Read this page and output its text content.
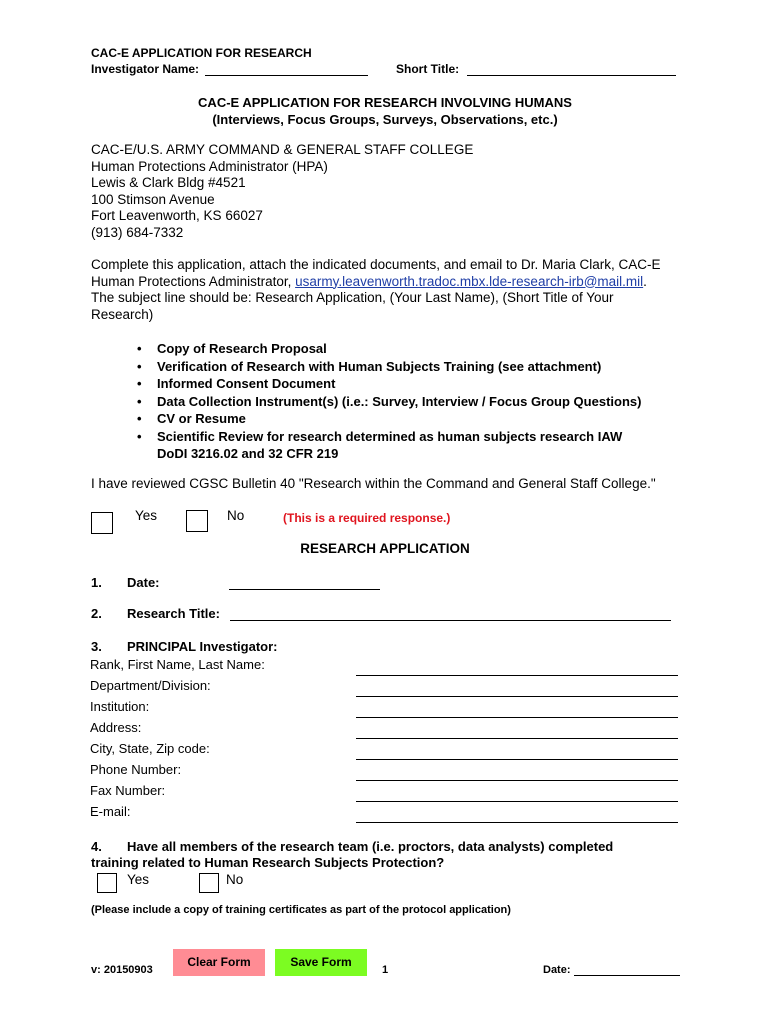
CAC-E APPLICATION FOR RESEARCH
Investigator Name:	Short Title:
CAC-E APPLICATION FOR RESEARCH INVOLVING HUMANS
(Interviews, Focus Groups, Surveys, Observations, etc.)
CAC-E/U.S. ARMY COMMAND & GENERAL STAFF COLLEGE
Human Protections Administrator (HPA)
Lewis & Clark Bldg #4521
100 Stimson Avenue
Fort Leavenworth, KS 66027
(913) 684-7332
Complete this application, attach the indicated documents, and email to Dr. Maria Clark, CAC-E
Human Protections Administrator, usarmy.leavenworth.tradoc.mbx.lde-research-irb@mail.mil.
The subject line should be: Research Application, (Your Last Name), (Short Title of Your
Research)
• Copy of Research Proposal
• Verification of Research with Human Subjects Training (see attachment)
• Informed Consent Document
• Data Collection Instrument(s) (i.e.: Survey, Interview / Focus Group Questions)
• CV or Resume
• Scientific Review for research determined as human subjects research IAW
DoDI 3216.02 and 32 CFR 219
I have reviewed CGSC Bulletin 40 "Research within the Command and General Staff College."
Yes	No	(This is a required response.)
RESEARCH APPLICATION
1. Date:
2. Research Title:
3. PRINCIPAL Investigator:
Rank, First Name, Last Name:
Department/Division:
Institution:
Address:
City, State, Zip code:
Phone Number:
Fax Number:
E-mail:
4. Have all members of the research team (i.e. proctors, data analysts) completed
training related to Human Research Subjects Protection?
Yes	No
(Please include a copy of training certificates as part of the protocol application)
v: 20150903
Clear Form	Save Form
1	Date:
